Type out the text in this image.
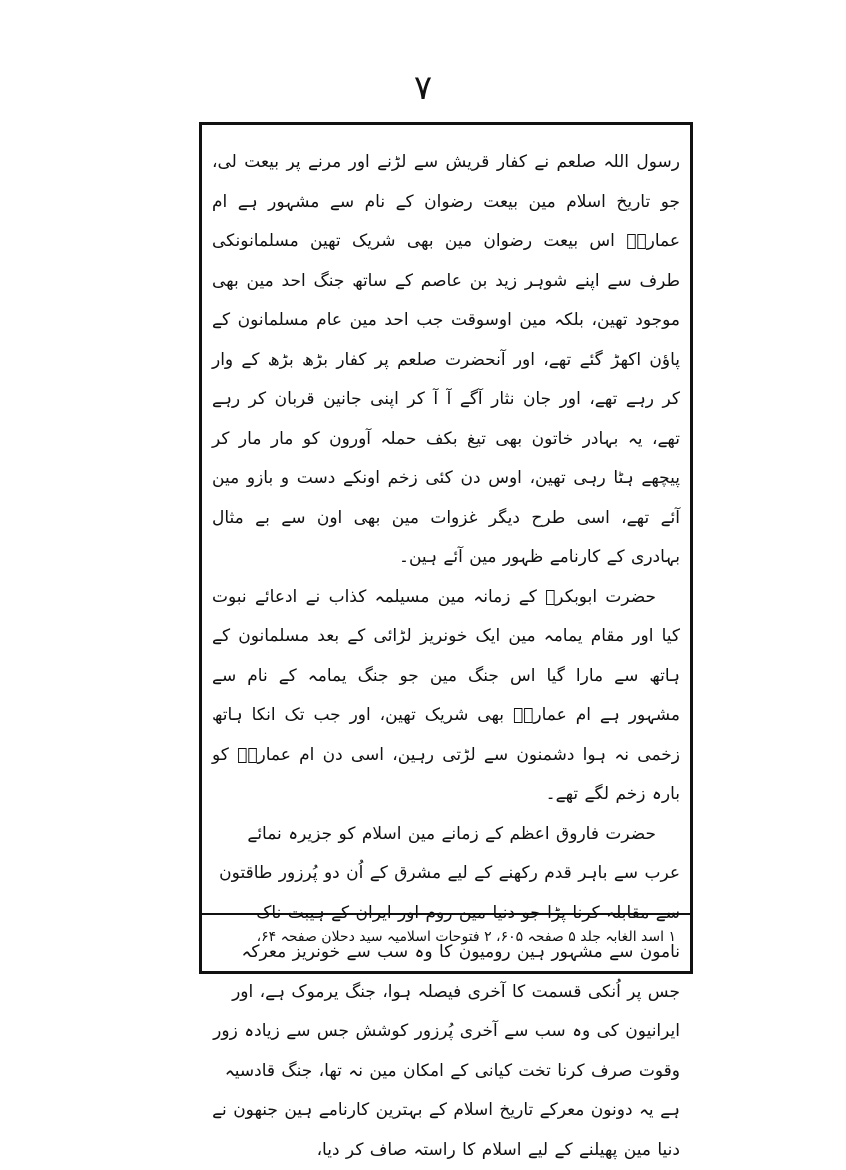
۷

رسول اللہ صلعم نے کفار قریش سے لڑنے اور مرنے پر بیعت لی، جو تاریخ اسلام مین بیعت رضوان کے نام سے مشہور ہے ام عمارہؓ اس بیعت رضوان مین بھی شریک تھین مسلمانونکی طرف سے اپنے شوہر زید بن عاصم کے ساتھ جنگ احد مین بھی موجود تھین، بلکہ مین اوسوقت جب احد مین عام مسلمانون کے پاؤن اکھڑ گئے تھے، اور آنحضرت صلعم پر کفار بڑھ بڑھ کے وار کر رہے تھے، اور جان نثار آگے آ آ کر اپنی جانین قربان کر رہے تھے، یہ بہادر خاتون بھی تیغ بکف حملہ آورون کو مار مار کر پیچھے ہٹا رہی تھین، اوس دن کئی زخم اونکے دست و بازو مین آئے تھے، اسی طرح دیگر غزوات مین بھی اون سے بے مثال بہادری کے کارنامے ظہور مین آئے ہین۔

حضرت ابوبکرؓ کے زمانہ مین مسیلمہ کذاب نے ادعائے نبوت کیا اور مقام یمامہ مین ایک خونریز لڑائی کے بعد مسلمانون کے ہاتھ سے مارا گیا اس جنگ مین جو جنگ یمامہ کے نام سے مشہور ہے ام عمارہؓ بھی شریک تھین، اور جب تک انکا ہاتھ زخمی نہ ہوا دشمنون سے لڑتی رہین، اسی دن ام عمارہؓ کو بارہ زخم لگے تھے۔

حضرت فاروق اعظم کے زمانے مین اسلام کو جزیرہ نمائے عرب سے باہر قدم رکھنے کے لیے مشرق کے اُن دو پُرزور طاقتون سے مقابلہ کرنا پڑا جو دنیا مین روم اور ایران کے ہیبت ناک نامون سے مشہور ہین رومیون کا وہ سب سے خونریز معرکہ جس پر اُنکی قسمت کا آخری فیصلہ ہوا، جنگ یرموک ہے، اور ایرانیون کی وہ سب سے آخری پُرزور کوشش جس سے زیادہ زور وقوت صرف کرنا تخت کیانی کے امکان مین نہ تھا، جنگ قادسیہ ہے یہ دونون معرکے تاریخ اسلام کے بہترین کارنامے ہین جنھون نے دنیا مین پھیلنے کے لیے اسلام کا راستہ صاف کر دیا،

۱ اسد الغابہ جلد ۵ صفحہ ۶۰۵، ۲ فتوحات اسلامیہ سید دحلان صفحہ ۶۴،
